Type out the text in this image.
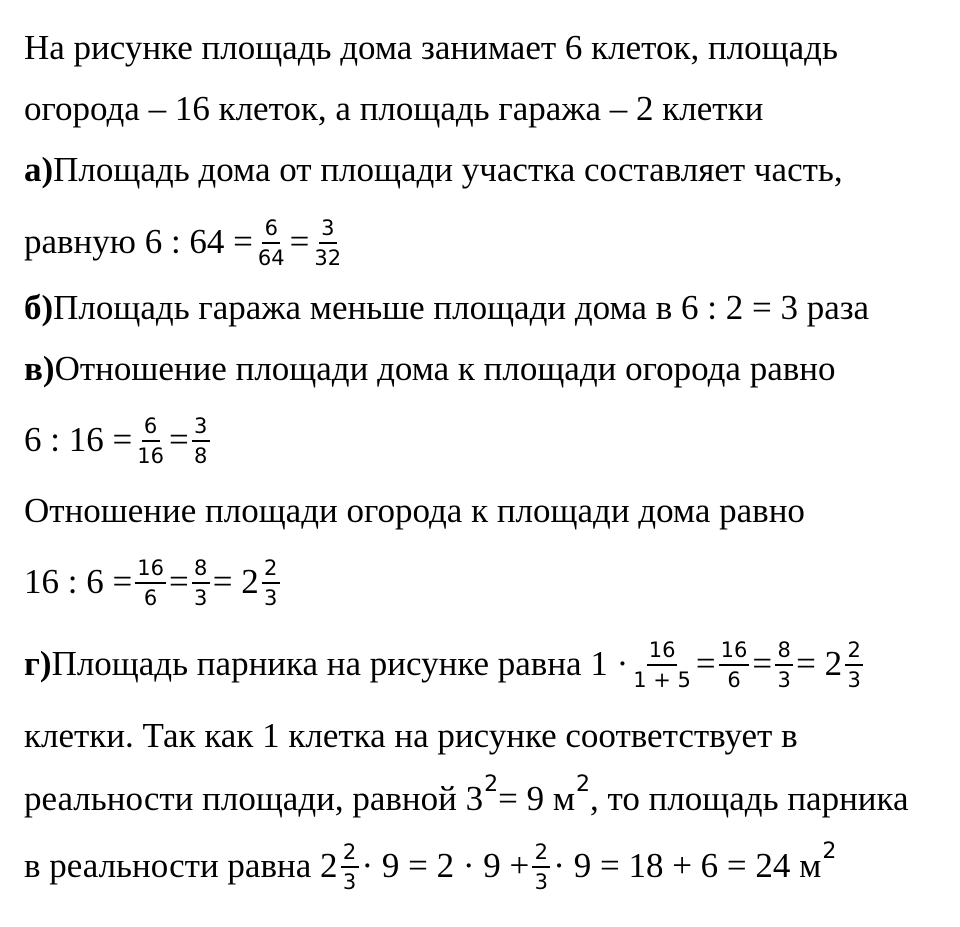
На рисунке площадь дома занимает 6 клеток, площадь
огорода – 16 клеток, а площадь гаража – 2 клетки
а) Площадь дома от площади участка составляет часть,
равную 6 : $64 = \frac{6}{64} = \frac{3}{32}$
б) Площадь гаража меньше площади дома в 6 : 2 = 3 раза
в) Отношение площади дома к площади огорода равно
6 : $16 = \frac{6}{16} = \frac{3}{8}$
Отношение площади огорода к площади дома равно
16 : $6 = \frac{16}{6} = \frac{8}{3} = 2 \frac{2}{3}$
г) Площадь парника на рисунке равна $1 \cdot \frac{16}{1 + 5} = \frac{16}{6} = \frac{8}{3} = 2 \frac{2}{3}$
клетки. Так как 1 клетка на рисунке соответствует в
реальности площади, равной 3 2 = 9 м 2 , то площадь парника
в реальности равна $2 \frac{2}{3} \cdot 9 = 2 \cdot 9 + \frac{2}{3} \cdot 9 = 18 + 6 = 24$ м 2
